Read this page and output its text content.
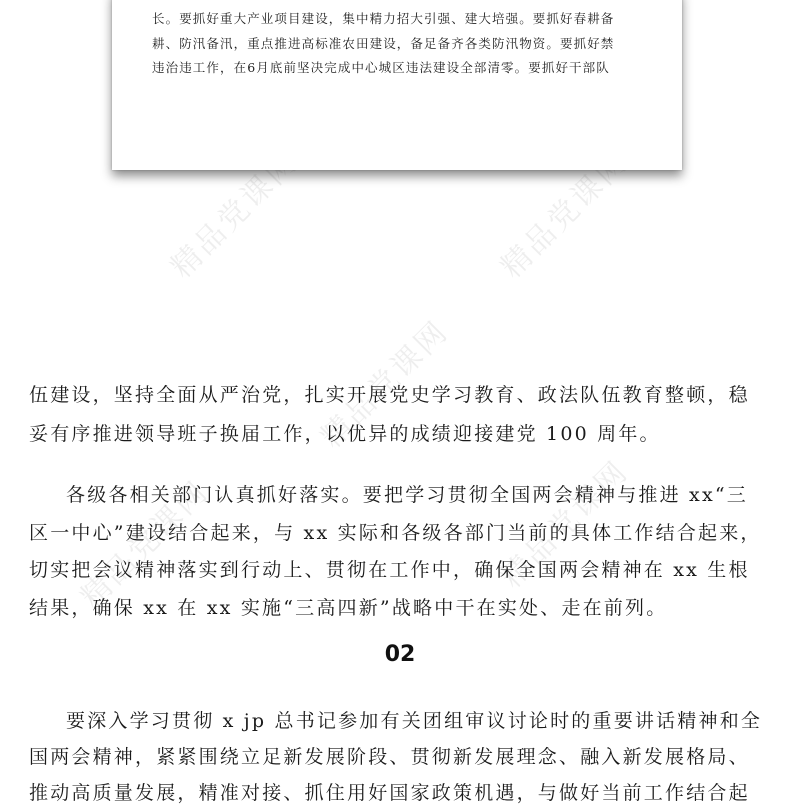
精品党课网	精品党课网
精品党课网
精品党课网	精品党课网
长。要抓好重大产业项目建设，集中精力招大引强、建大培强。要抓好春耕备
耕、防汛备汛，重点推进高标准农田建设，备足备齐各类防汛物资。要抓好禁
违治违工作，在6月底前坚决完成中心城区违法建设全部清零。要抓好干部队
伍建设，坚持全面从严治党，扎实开展党史学习教育、政法队伍教育整顿，稳
妥有序推进领导班子换届工作，以优异的成绩迎接建党 100 周年。
各级各相关部门认真抓好落实。要把学习贯彻全国两会精神与推进 xx“三
区一中心”建设结合起来，与 xx 实际和各级各部门当前的具体工作结合起来，
切实把会议精神落实到行动上、贯彻在工作中，确保全国两会精神在 xx 生根
结果，确保 xx 在 xx 实施“三高四新”战略中干在实处、走在前列。
02
要深入学习贯彻 x jp 总书记参加有关团组审议讨论时的重要讲话精神和全
国两会精神，紧紧围绕立足新发展阶段、贯彻新发展理念、融入新发展格局、
推动高质量发展，精准对接、抓住用好国家政策机遇，与做好当前工作结合起
